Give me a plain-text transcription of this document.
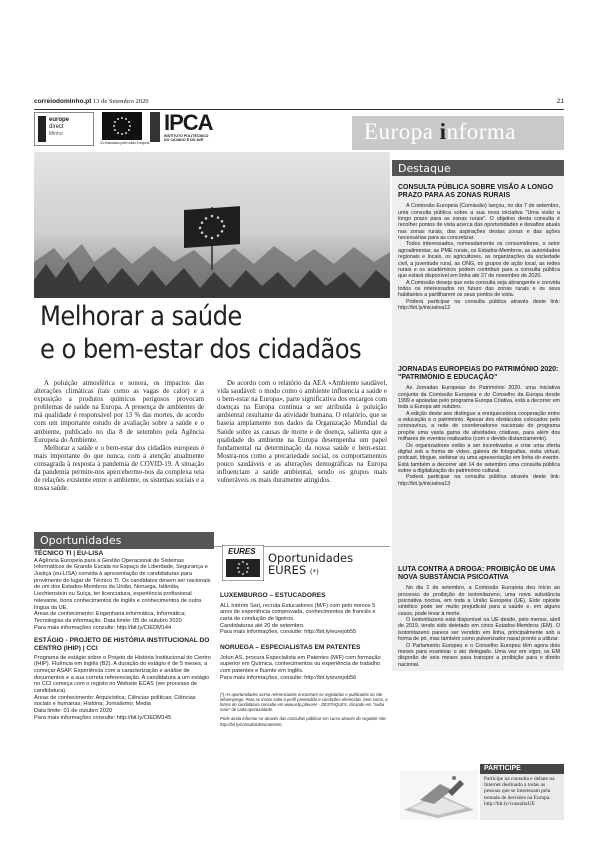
correiodominho.pt 13 de Setembro 2020	21
europe
direct
Minho
Co-financiado pela União Europeia
IPCA
INSTITUTO POLITÉCNICO
DO CÁVADO E DO AVE	Europa informa
Melhorar a saúde
e o bem-estar dos cidadãos

A poluição atmosférica e sonora, os impactos das alterações climáticas (tais como as vagas de calor) e a exposição a produtos químicos perigosos provocam problemas de saúde na Europa. A presença de ambientes de má qualidade é responsável por 13 % das mortes, de acordo com um importante estudo de avaliação sobre a saúde e o ambiente, publicado no dia 8 de setembro pela Agência Europeia do Ambiente.

Melhorar a saúde e o bem-estar dos cidadãos europeus é mais importante do que nunca, com a atenção atualmente consagrada à resposta à pandemia de COVID-19. A situação da pandemia permite-nos apercebermo-nos da complexa teia de relações existente entre o ambiente, os sistemas sociais e a nossa saúde.

De acordo com o relatório da AEA «Ambiente saudável, vida saudável: o modo como o ambiente influencia a saúde e o bem-estar na Europa», parte significativa dos encargos com doenças na Europa continua a ser atribuída à poluição ambiental resultante da atividade humana. O relatório, que se baseia amplamente nos dados da Organização Mundial da Saúde sobre as causas de morte e de doença, salienta que a qualidade do ambiente na Europa desempenha um papel fundamental na determinação da nossa saúde e bem-estar. Mostra-nos como a precariedade social, os comportamentos pouco saudáveis e as alterações demográficas na Europa influenciam a saúde ambiental, sendo os grupos mais vulneráveis os mais duramente atingidos.

Oportunidades
TÉCNICO TI | EU-LISA
A Agência Europeia para a Gestão Operacional de Sistemas Informáticos de Grande Escala no Espaço de Liberdade, Segurança e Justiça (eu-LISA) convida à apresentação de candidaturas para provimento do lugar de Técnico TI. Os candidatos devem ser nacionais de um dos Estados-Membros da União, Noruega, Islândia, Liechtenstein ou Suíça, ter licenciatura, experiência profissional relevante, bons conhecimentos de inglês e conhecimentos de outra língua da UE.
Áreas de conhecimento: Engenharia informática, Informática; Tecnologias da informação. Data limite: 05 de outubro 2020
Para mais informações consulte: http://bit.ly/CIEDM144
ESTÁGIO - PROJETO DE HISTÓRIA INSTITUCIONAL DO CENTRO (IHIP) | CCI
Programa de estágio sobre o Projeto de História Institucional do Centro (IHIP). Fluência em inglês (B2). A duração do estágio é de 5 meses, a começar ASAP. Experiência com a caracterização e análise de documentos e a sua correta referenciação. A candidatura a um estágio no CCI começa com o registo no Website ECAS (ver processo de candidatura).
Áreas de conhecimento: Arquivística; Ciências políticas; Ciências sociais e humanas; História; Jornalismo; Media
Data limite: 01 de outubro 2020
Para mais informações consulte: http://bit.ly/CIEDM145
EURES Oportunidades
EURES (*)
LUXEMBURGO – ESTUCADORES
ALL Intérim Sarl, recruta Estucadores (M/F) com pelo menos 5 anos de experiência comprovada, conhecimentos de francês e carta de condução de ligeiros.
Candidaturas até 20 de setembro.
Para mais informações, consulte: http://bit.ly/eurejob55
NORUEGA – ESPECIALISTAS EM PATENTES
Jotun AS, procura Especialista em Patentes (M/F) com formação superior em Química, conhecimentos ou experiência de trabalho com patentes e fluente em inglês.
Para mais informações, consulte: http://bit.ly/eurejob56
(*) As oportunidades acima referenciadas encontram-se registadas e publicadas no site infoemprego. Para se tornar sabe a perfil pretendido e condições oferecidas, bem como, a forma de candidatura consulte em www.iefp.pt/eures - DESTAQUES, clicando em "saiba mais" de cada oportunidade.
Pode ainda informar-se através das consultas públicas em curso através do seguinte site: http://bit.ly/consultaUEeuramento
Destaque
CONSULTA PÚBLICA SOBRE VISÃO A LONGO PRAZO PARA AS ZONAS RURAIS

A Comissão Europeia (Comissão) lançou, no dia 7 de setembro, uma consulta pública sobre a sua nova iniciativa "Uma visão a longo prazo para as zonas rurais". O objetivo desta consulta é recolher pontos de vista acerca das oportunidades e desafios atuais nas zonas rurais, das aspirações destas zonas e das ações necessárias para as concretizar.

Todos interessados, nomeadamente os consumidores, o setor agroalimentar, as PME rurais, os Estados-Membros, as autoridades regionais e locais, os agricultores, as organizações da sociedade civil, a juventude rural, as ONG, os grupos de ação local, as redes rurais e os académicos podem contribuir para a consulta pública que estará disponível em linha até 27 de novembro de 2020.

A Comissão deseja que esta consulta seja abrangente e convida todos os interessados no futuro das zonas rurais e os seus habitantes a partilharem os seus pontos de vista.

Poderá participar na consulta pública através deste link: http://bit.ly/iniciativa12

JORNADAS EUROPEIAS DO PATRIMÓNIO 2020: "PATRIMÓNIO E EDUCAÇÃO"

As Jornadas Europeias do Património 2020, uma iniciativa conjunta da Comissão Europeia e do Conselho da Europa desde 1999 e apoiadas pelo programa Europa Criativa, está a decorrer em toda a Europa até outubro.

A edição deste ano distingue a enriquecedora cooperação entre a educação e o património. Apesar dos obstáculos colocados pelo coronavírus, a rede de coordenadores nacionais do programa propõe uma vasta gama de atividades criativas, para além dos milhares de eventos realizados (com o devido distanciamento).

Os organizadores estão a ser incentivados a criar uma oferta digital sob a forma de vídeo, galeria de fotografias, visita virtual, podcast, blogue, webinar ou uma apresentação em linha do evento. Está também a decorrer até 14 de setembro uma consulta pública sobre a digitalização do património cultural.

Poderá participar na consulta pública através deste link: http://bit.ly/iniciativa13

LUTA CONTRA A DROGA: PROIBIÇÃO DE UMA NOVA SUBSTÂNCIA PSICOATIVA

No dia 2 de setembro, a Comissão Europeia deu início ao processo de proibição do isotonitazeno, uma nova substância psicoativa nociva, em toda a União Europeia (UE). Este opioide sintético pode ser muito prejudicial para a saúde e, em alguns casos, pode levar à morte.

O isotonitazeno está disponível na UE desde, pelo menos, abril de 2019, tendo sido detetado em cinco Estados-Membros (EM). O isotonitazeno parece ser vendido em linha, principalmente sob a forma de pó, mas também como pulverizador nasal pronto a utilizar.

O Parlamento Europeu e o Conselho Europeu têm agora dois meses para examinar o ato delegado. Uma vez em vigor, os EM disporão de seis meses para transpor a proibição para o direito nacional.

PARTICIPE
Participe na consulta e debate na Internet destinado a todas as pessoas que se interessam pela tomada de decisões na Europa. http://bit.ly/consultaUE
